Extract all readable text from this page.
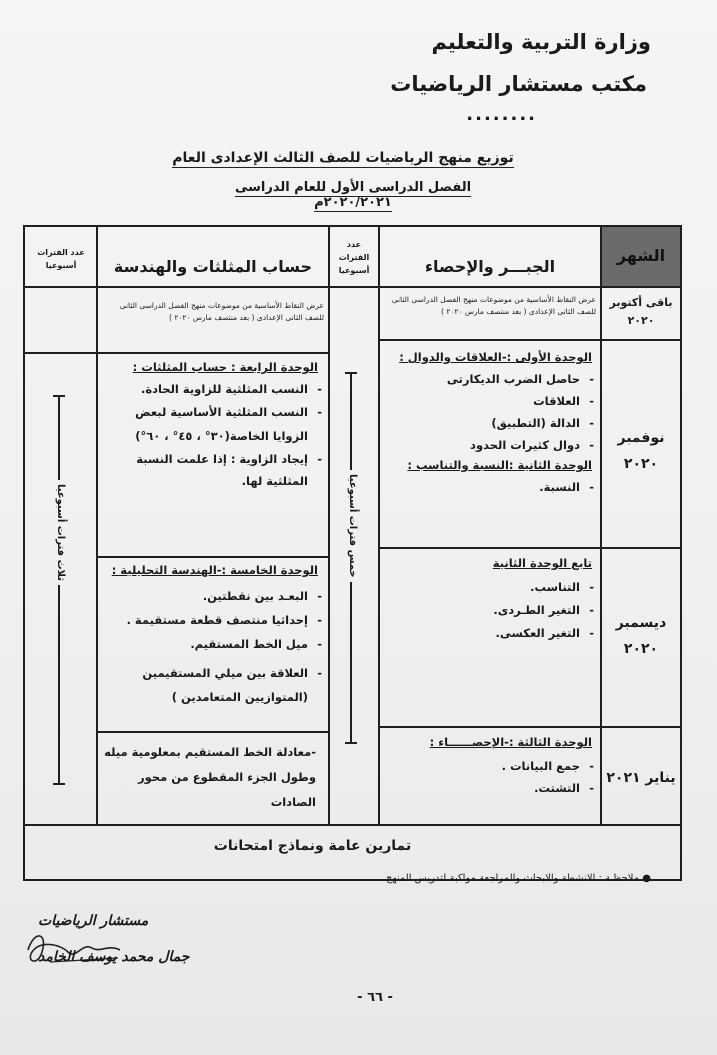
وزارة التربية والتعليم
مكتب مستشار الرياضيات
........
توزيع منهج الرياضيات للصف الثالث الإعدادى العام
الفصل الدراسى الأول للعام الدراسى ٢٠٢٠/٢٠٢١م
الشهر
الجبـــر والإحصاء
عدد الفترات أسبوعيا
حساب المثلثات والهندسة
عدد الفترات أسبوعيا
باقى أكتوبر ٢٠٢٠
عرض النقاط الأساسية من موضوعات منهج الفصل الدراسى الثانى للصف الثانى الإعدادى ( بعد منتصف مارس ٢٠٢٠ )
عرض النقاط الأساسية من موضوعات منهج الفصل الدراسى الثانى للصف الثانى الإعدادى ( بعد منتصف مارس ٢٠٢٠ )
نوفمبر ٢٠٢٠
الوحدة الأولى :-العلاقات والدوال :
- حاصل الضرب الديكارتى
- العلاقات
- الدالة (التطبيق)
- دوال كثيرات الحدود
الوحدة الثانية :النسبة والتناسب :
- النسبة.
الوحدة الرابعة : حساب المثلثات :
- النسب المثلثية للزاوية الحادة.
- النسب المثلثية الأساسية لبعض الزوايا الخاصة(٣٠° ، ٤٥° ، ٦٠°)
- إيجاد الزاوية : إذا علمت النسبة المثلثية لها.
ديسمبر ٢٠٢٠
تابع الوحدة الثانية
- التناسب.
- التغير الطـردى.
- التغير العكسى.
الوحدة الخامسة :-الهندسة التحليلية :
- البعـد بين نقطتين.
- إحداثيا منتصف قطعة مستقيمة .
- ميل الخط المستقيم.
- العلاقة بين ميلي المستقيمين (المتوازيين المتعامدين )
يناير ٢٠٢١
الوحدة الثالثة :-الإحصــــــاء :
- جمع البيانات .
- التشتت.
-معادلة الخط المستقيم بمعلومية ميله وطول الجزء المقطوع من محور الصادات
خمس فترات أسبوعيا
ثلاث فترات أسبوعيا
تمارين عامة ونماذج امتحانات
● ملاحظـة : الانشطة والابحاث والمراجعة مواكبة لتدريس المنهج
مستشار الرياضيات
جمال محمد يوسف الخامد
- ٦٦ -
